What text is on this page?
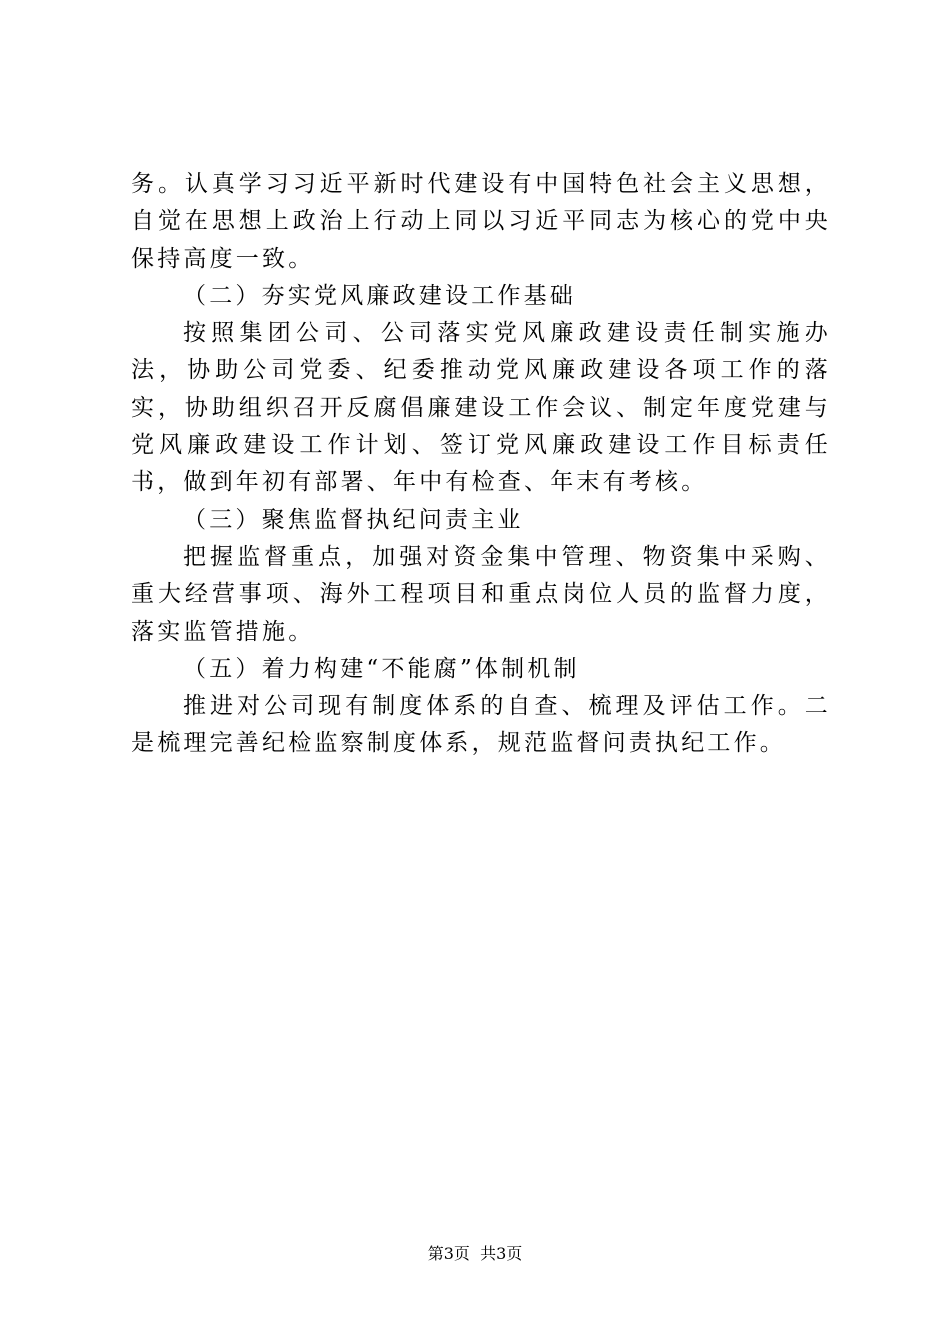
务。认真学习习近平新时代建设有中国特色社会主义思想，自觉在思想上政治上行动上同以习近平同志为核心的党中央保持高度一致。

（二）夯实党风廉政建设工作基础

按照集团公司、公司落实党风廉政建设责任制实施办法，协助公司党委、纪委推动党风廉政建设各项工作的落实，协助组织召开反腐倡廉建设工作会议、制定年度党建与党风廉政建设工作计划、签订党风廉政建设工作目标责任书，做到年初有部署、年中有检查、年末有考核。

（三）聚焦监督执纪问责主业

把握监督重点，加强对资金集中管理、物资集中采购、重大经营事项、海外工程项目和重点岗位人员的监督力度，落实监管措施。

（五）着力构建“不能腐”体制机制

推进对公司现有制度体系的自查、梳理及评估工作。二是梳理完善纪检监察制度体系，规范监督问责执纪工作。

第3页  共3页
